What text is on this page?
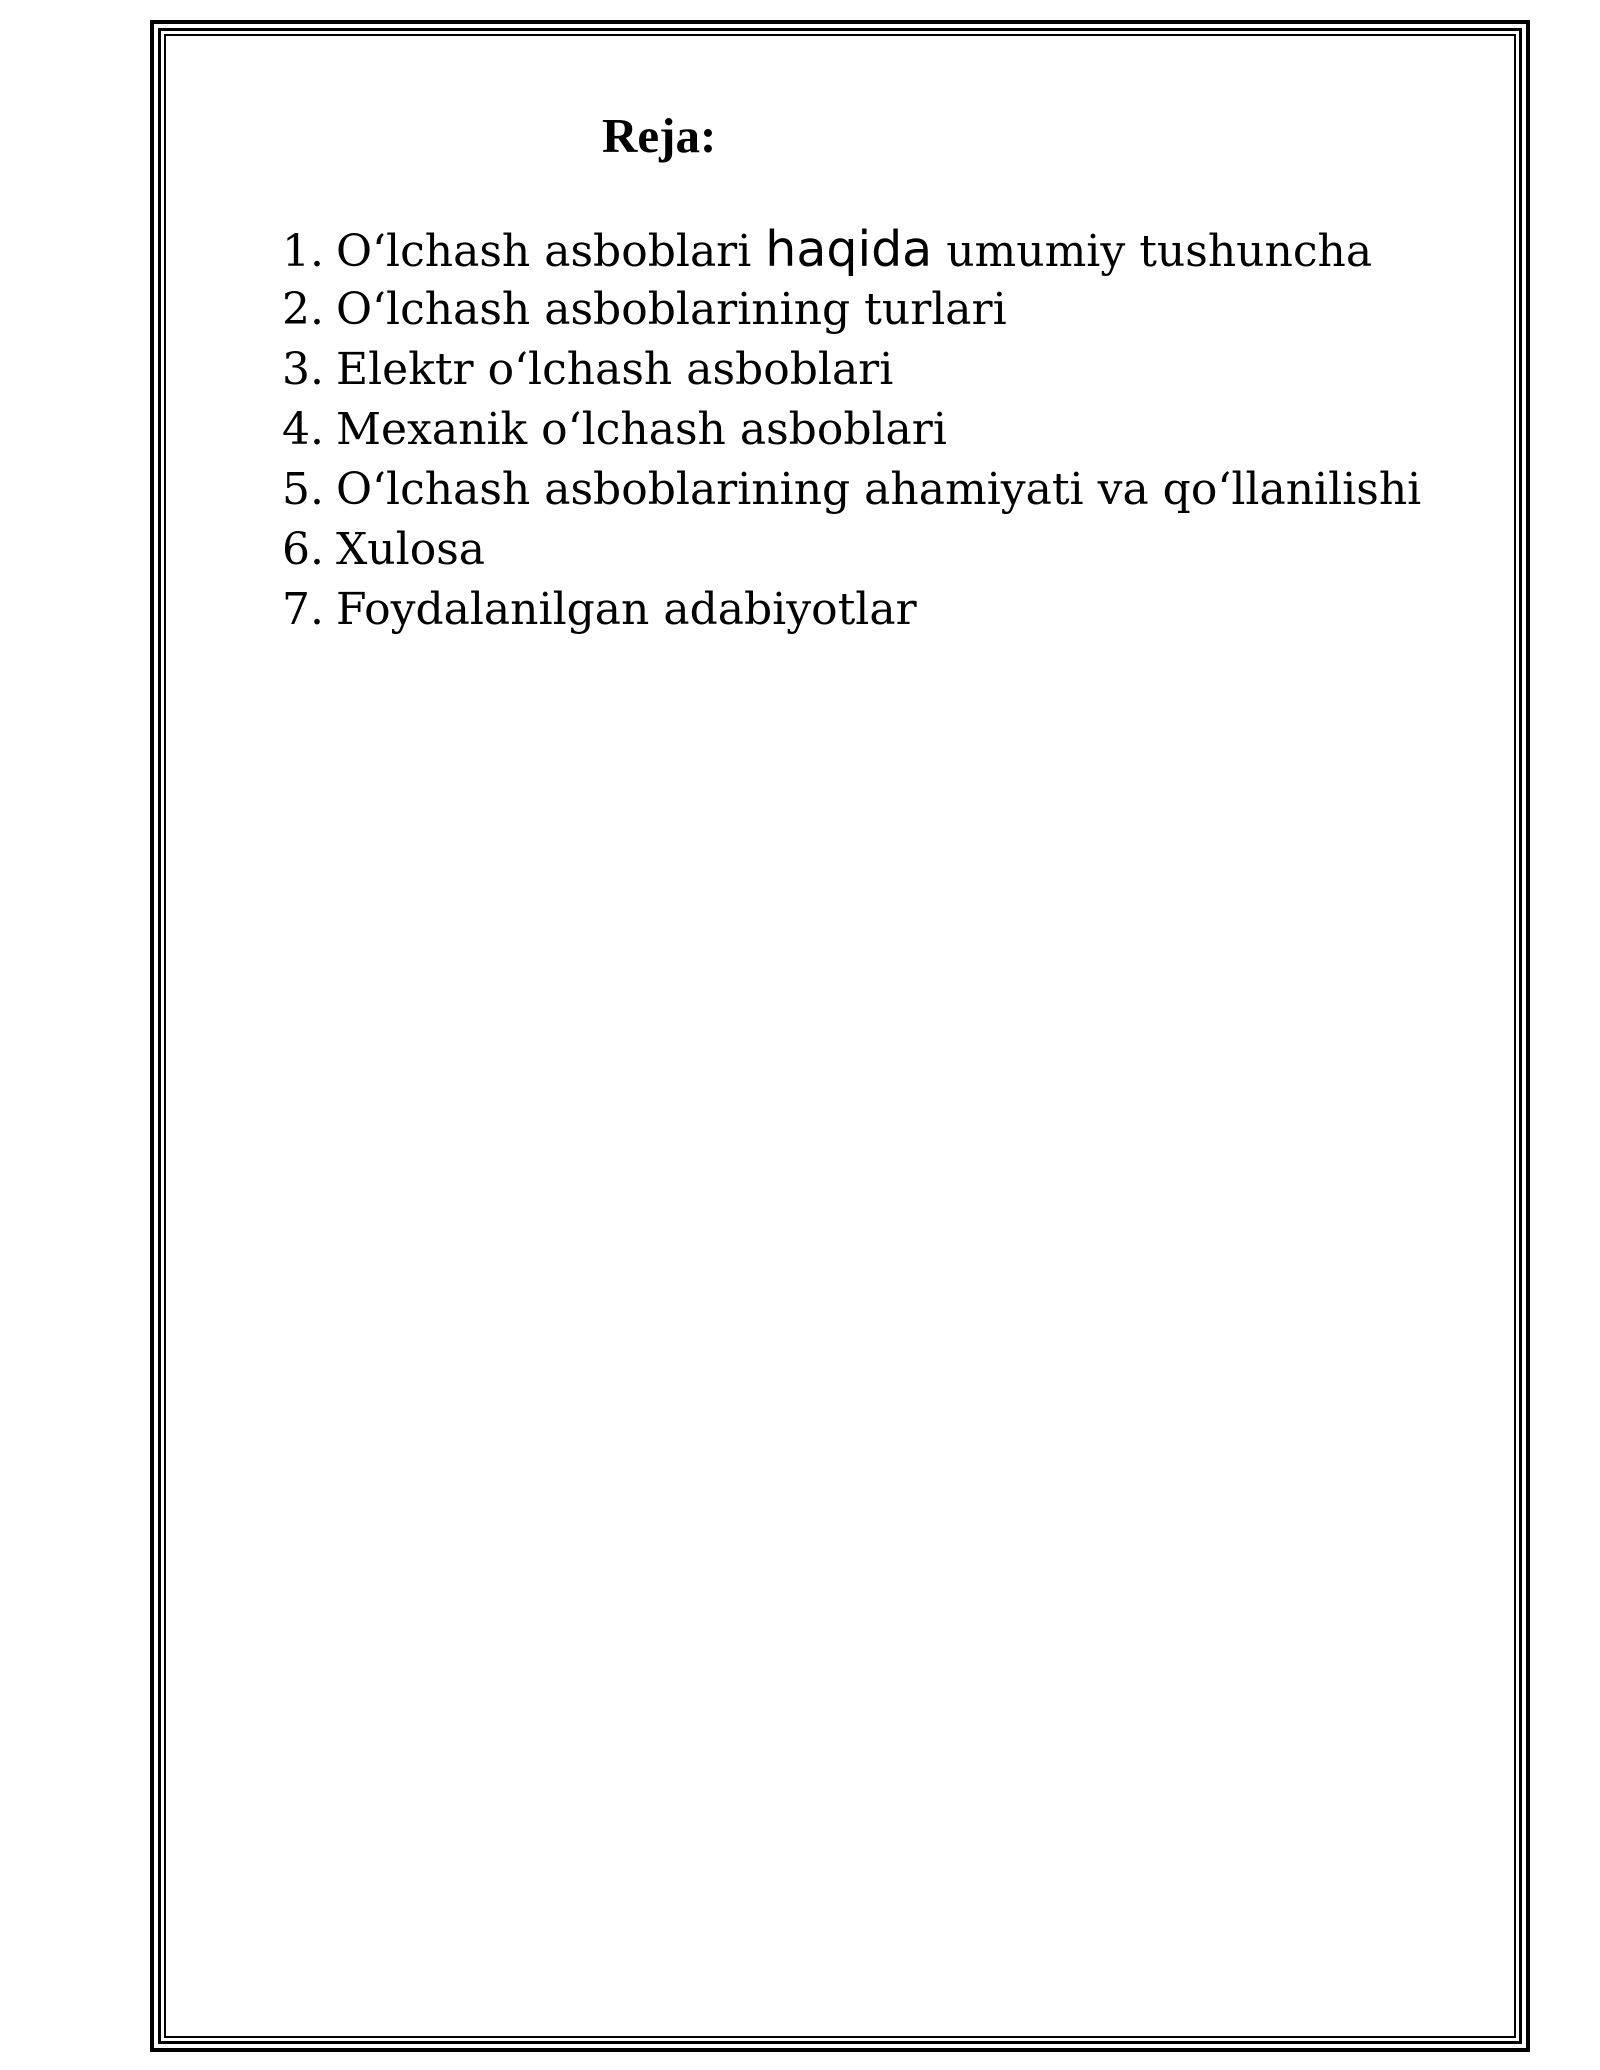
Reja:
1. O‘lchash asboblari haqida umumiy tushuncha
2. O‘lchash asboblarining turlari
3. Elektr o‘lchash asboblari
4. Mexanik o‘lchash asboblari
5. O‘lchash asboblarining ahamiyati va qo‘llanilishi
6. Xulosa
7. Foydalanilgan adabiyotlar
